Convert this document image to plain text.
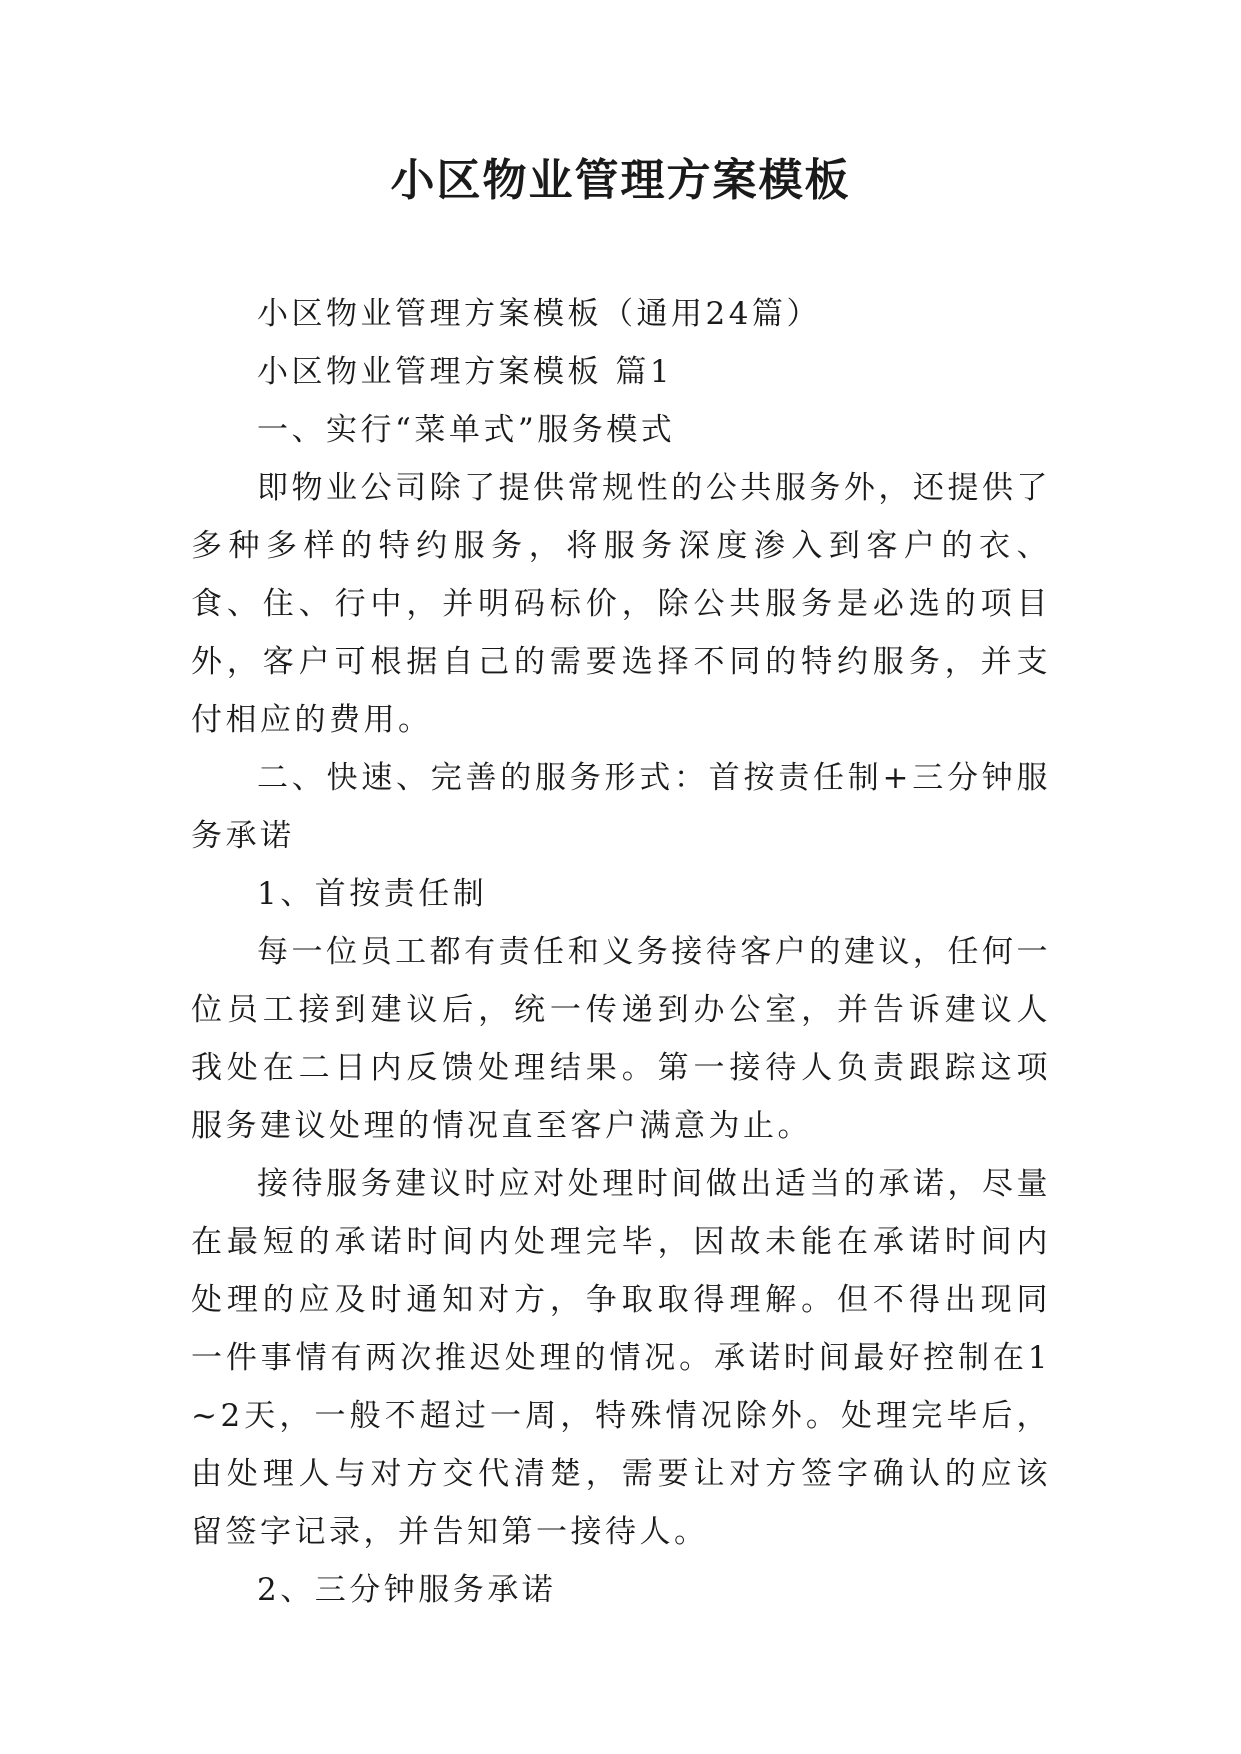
小区物业管理方案模板

小区物业管理方案模板（通用24篇）

小区物业管理方案模板 篇1

一、实行“菜单式”服务模式

即物业公司除了提供常规性的公共服务外，还提供了多种多样的特约服务，将服务深度渗入到客户的衣、食、住、行中，并明码标价，除公共服务是必选的项目外，客户可根据自己的需要选择不同的特约服务，并支付相应的费用。

二、快速、完善的服务形式：首按责任制+三分钟服务承诺

1、首按责任制

每一位员工都有责任和义务接待客户的建议，任何一位员工接到建议后，统一传递到办公室，并告诉建议人我处在二日内反馈处理结果。第一接待人负责跟踪这项服务建议处理的情况直至客户满意为止。

接待服务建议时应对处理时间做出适当的承诺，尽量在最短的承诺时间内处理完毕，因故未能在承诺时间内处理的应及时通知对方，争取取得理解。但不得出现同一件事情有两次推迟处理的情况。承诺时间最好控制在1~2天，一般不超过一周，特殊情况除外。处理完毕后，由处理人与对方交代清楚，需要让对方签字确认的应该留签字记录，并告知第一接待人。

2、三分钟服务承诺
